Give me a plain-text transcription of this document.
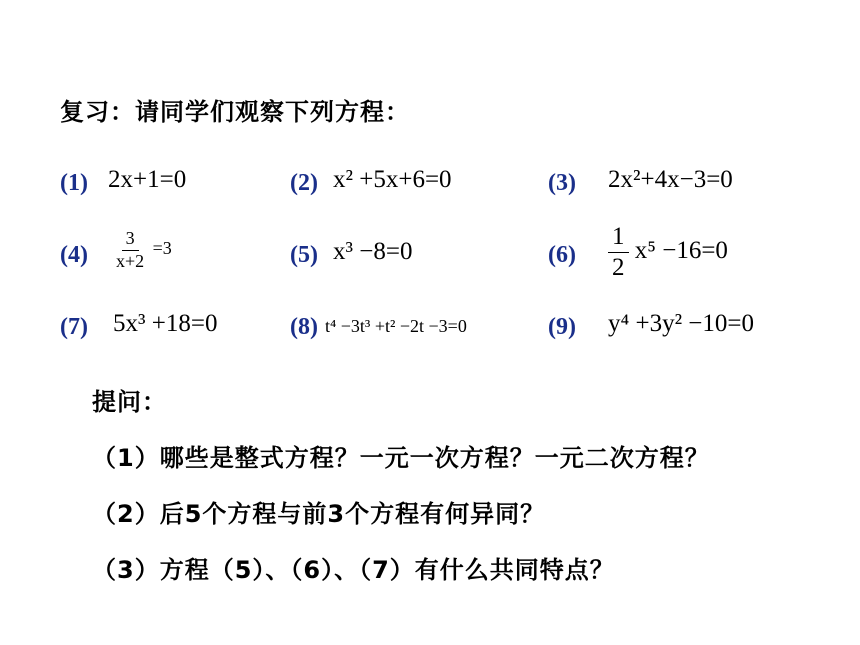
复习：请同学们观察下列方程：
(1) 2x+1=0	(2) x² +5x+6=0	(3) 2x²+4x−3=0
$(4) \frac{3}{x+2} =3$	(5) x³ −8=0	$(6) \frac{1}{2} x^5 -16=0$
(7) 5x³ +18=0	(8) t⁴ −3t³ +t² −2t −3=0	(9) y⁴ +3y² −10=0
提问：
（1）哪些是整式方程？一元一次方程？一元二次方程？
（2）后5个方程与前3个方程有何异同？
（3）方程（5）、（6）、（7）有什么共同特点？
